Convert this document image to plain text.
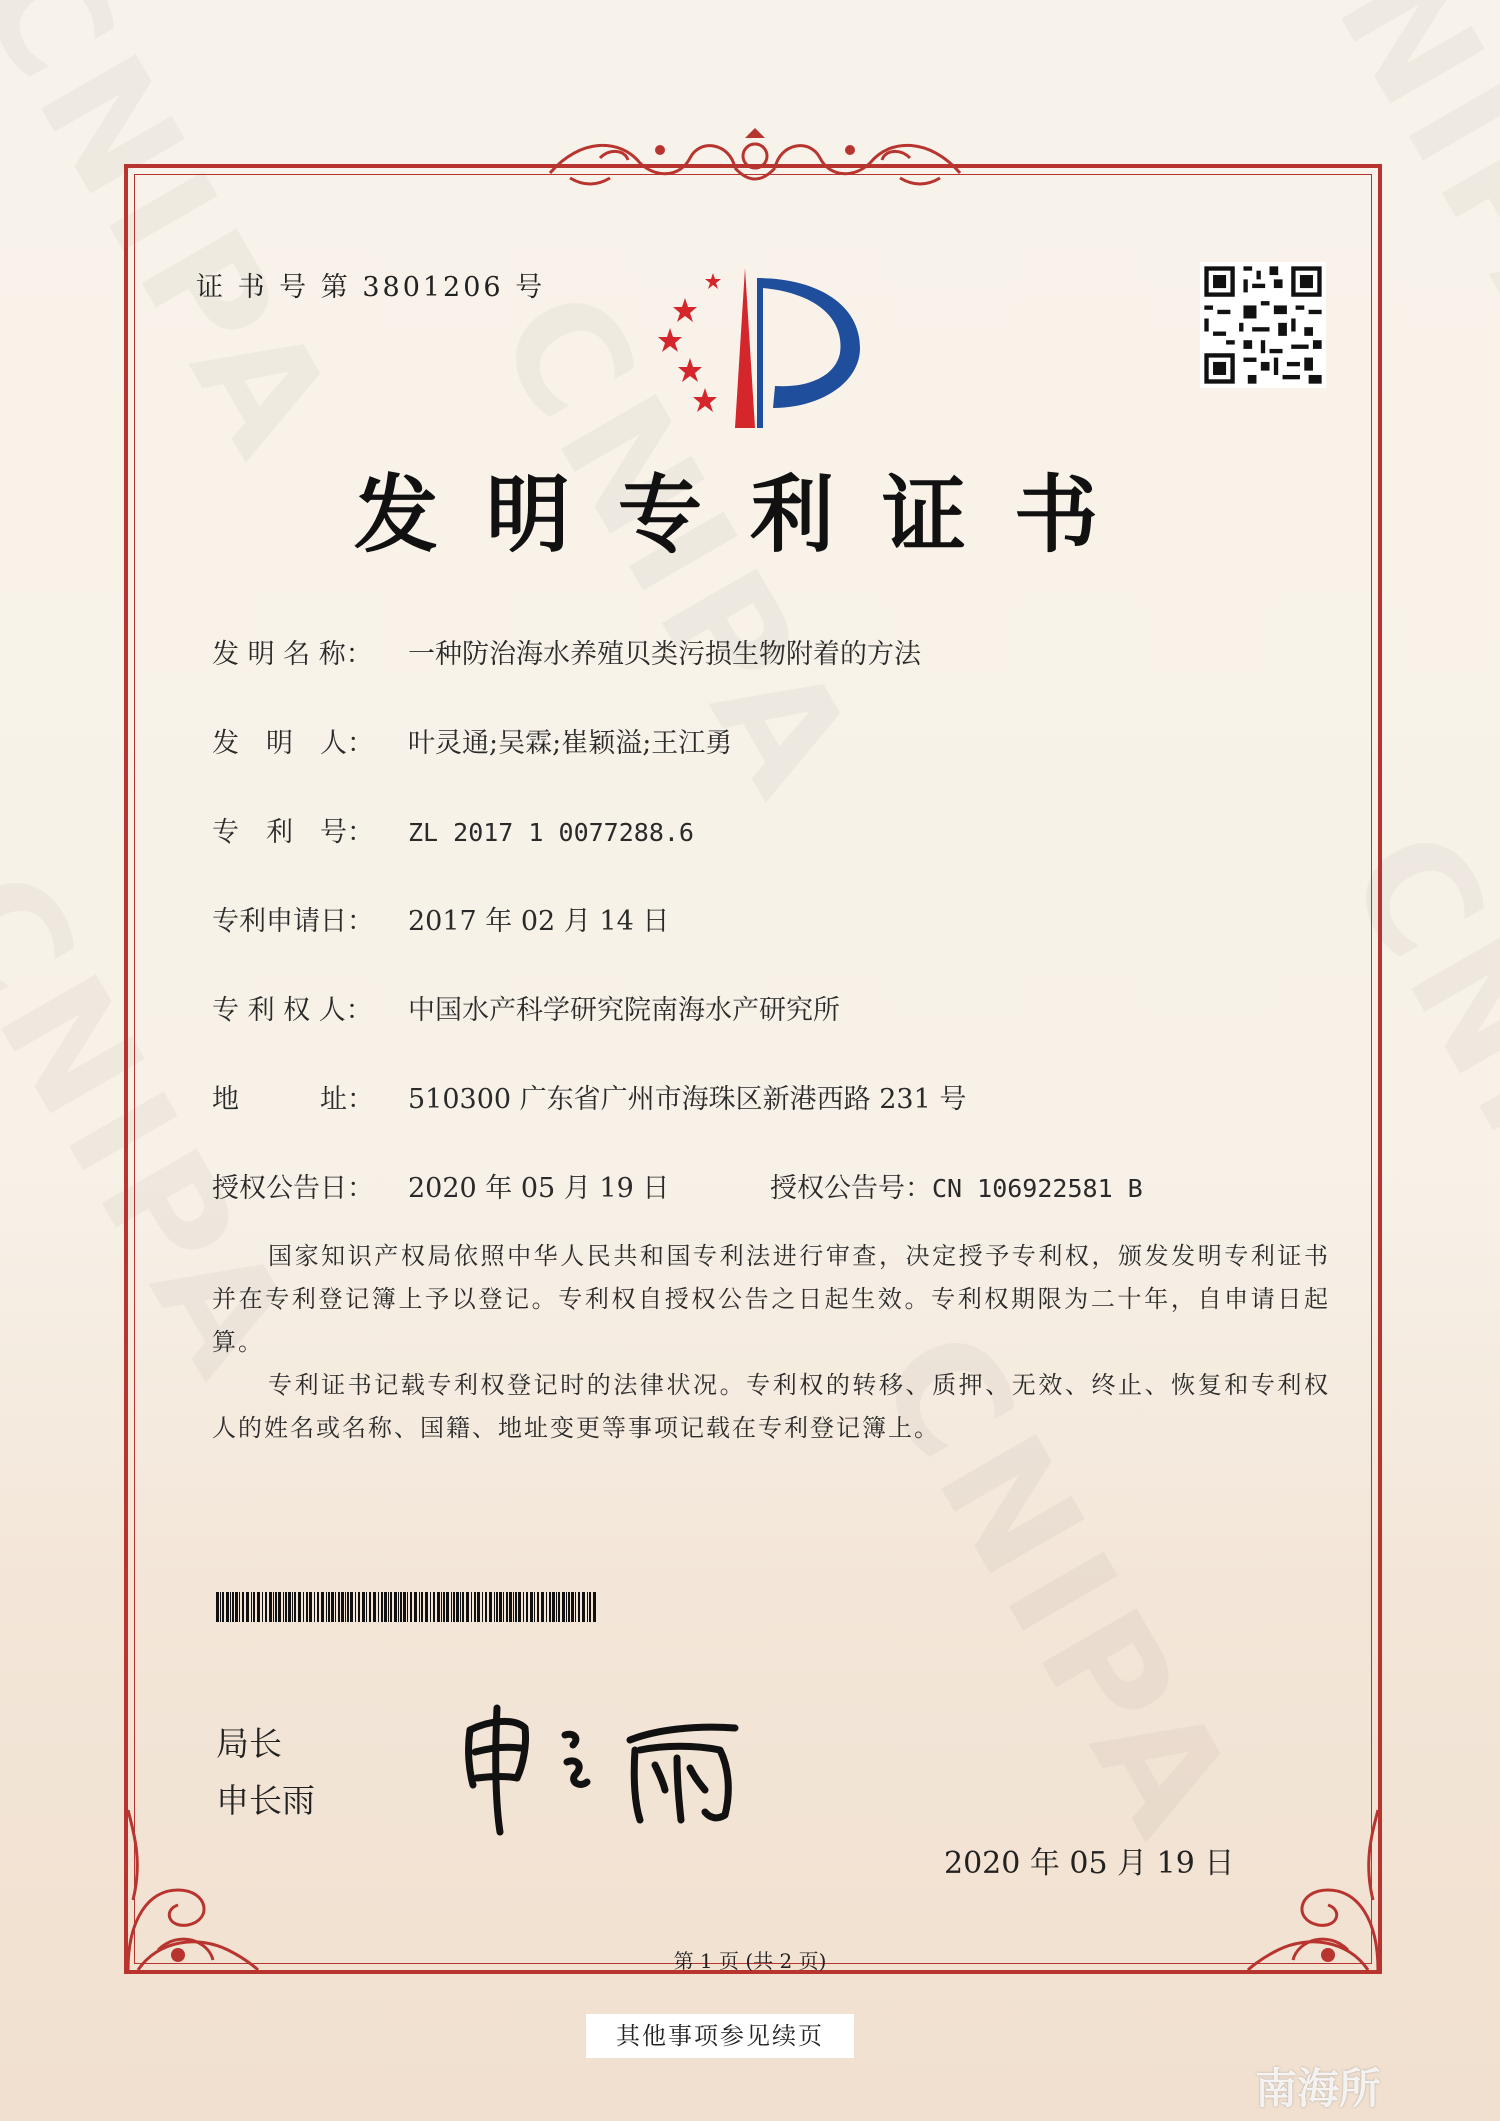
证 书 号 第 3801206 号
发明专利证书
发 明 名 称： 一种防治海水养殖贝类污损生物附着的方法
发　明　人： 叶灵通;吴霖;崔颖溢;王江勇
专　利　号： ZL 2017 1 0077288.6
专利申请日： 2017 年 02 月 14 日
专 利 权 人： 中国水产科学研究院南海水产研究所
地　　　址： 510300 广东省广州市海珠区新港西路 231 号
授权公告日： 2020 年 05 月 19 日	授权公告号：CN 106922581 B
国家知识产权局依照中华人民共和国专利法进行审查，决定授予专利权，颁发发明专利证书并在专利登记簿上予以登记。专利权自授权公告之日起生效。专利权期限为二十年，自申请日起算。
专利证书记载专利权登记时的法律状况。专利权的转移、质押、无效、终止、恢复和专利权人的姓名或名称、国籍、地址变更等事项记载在专利登记簿上。
局长
申长雨
2020 年 05 月 19 日
第 1 页 (共 2 页)
其他事项参见续页
南海所
